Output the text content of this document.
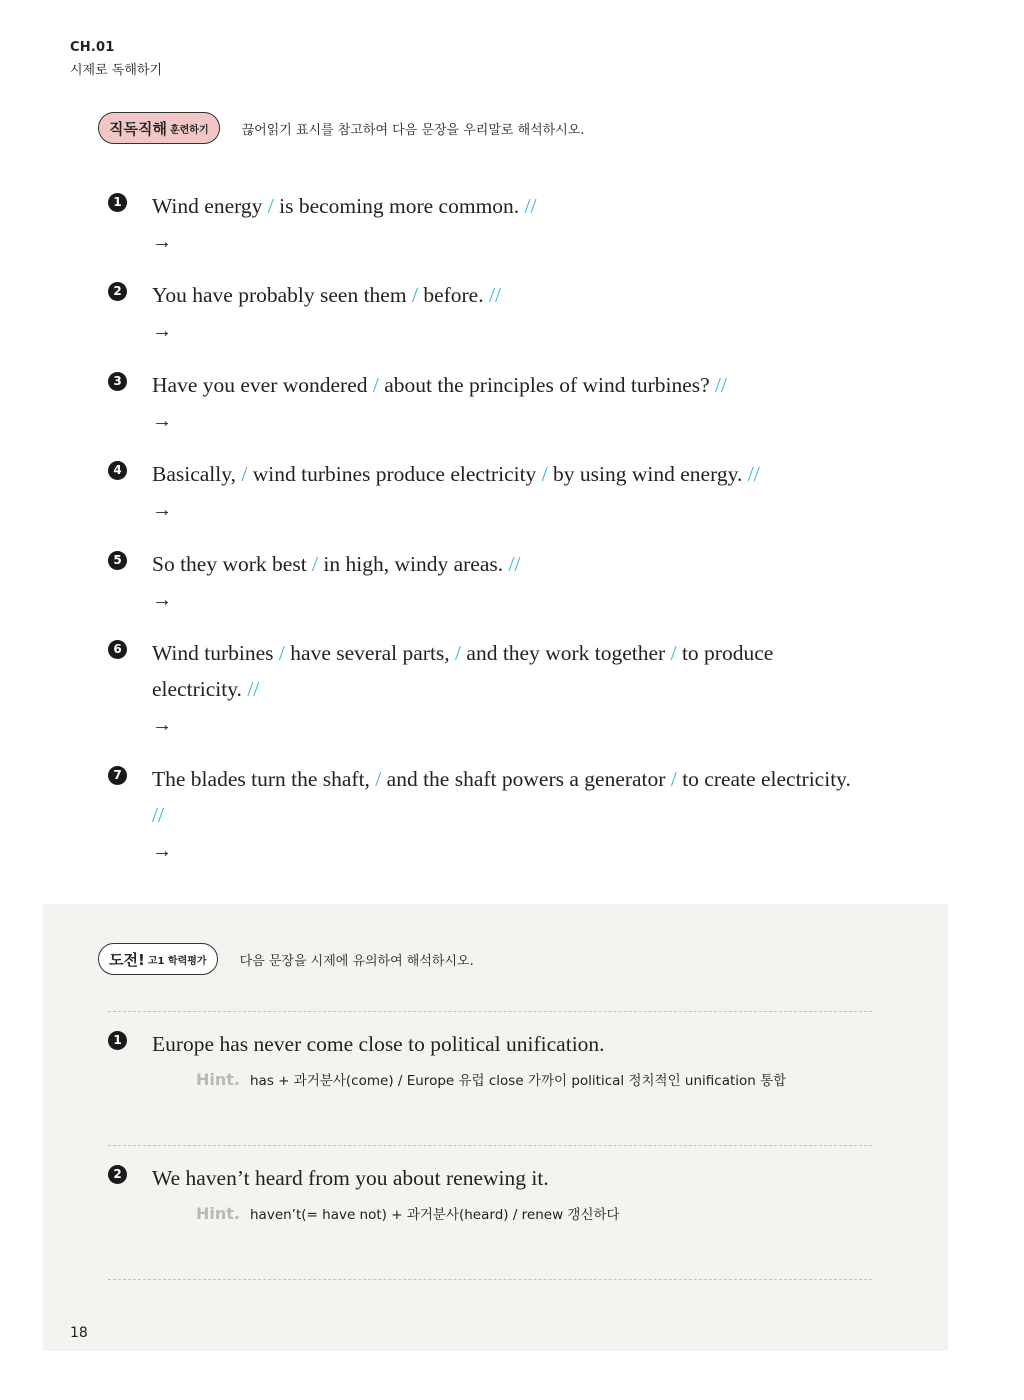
CH.01
시제로 독해하기
직독직해 훈련하기	끊어읽기 표시를 참고하여 다음 문장을 우리말로 해석하시오.
1 Wind energy / is becoming more common. //
→
2 You have probably seen them / before. //
→
3 Have you ever wondered / about the principles of wind turbines? //
→
4 Basically, / wind turbines produce electricity / by using wind energy. //
→
5 So they work best / in high, windy areas. //
→
6 Wind turbines / have several parts, / and they work together / to produce electricity. //
→
7 The blades turn the shaft, / and the shaft powers a generator / to create electricity. //
→
도전! 고1 학력평가	다음 문장을 시제에 유의하여 해석하시오.
1 Europe has never come close to political unification.
Hint. has + 과거분사(come) / Europe 유럽 close 가까이 political 정치적인 unification 통합
2 We haven’t heard from you about renewing it.
Hint. haven’t(= have not) + 과거분사(heard) / renew 갱신하다
18
